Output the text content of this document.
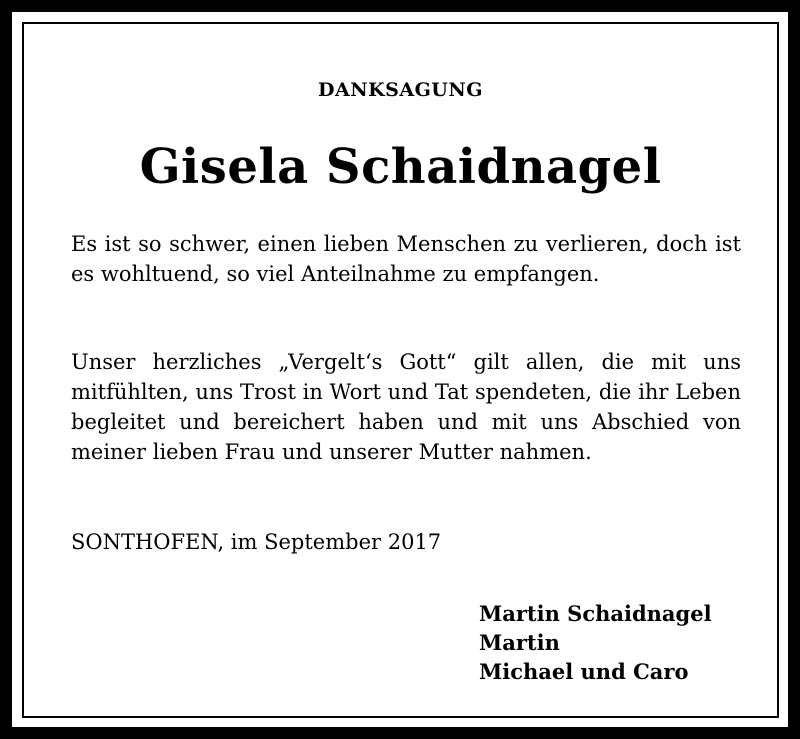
DANKSAGUNG
Gisela Schaidnagel
Es ist so schwer, einen lieben Menschen zu verlieren, doch ist es wohltuend, so viel Anteilnahme zu empfangen.
Unser herzliches „Vergelt‘s Gott“ gilt allen, die mit uns mitfühlten, uns Trost in Wort und Tat spendeten, die ihr Leben begleitet und bereichert haben und mit uns Abschied von meiner lieben Frau und unserer Mutter nahmen.
SONTHOFEN, im September 2017
Martin Schaidnagel
Martin
Michael und Caro
